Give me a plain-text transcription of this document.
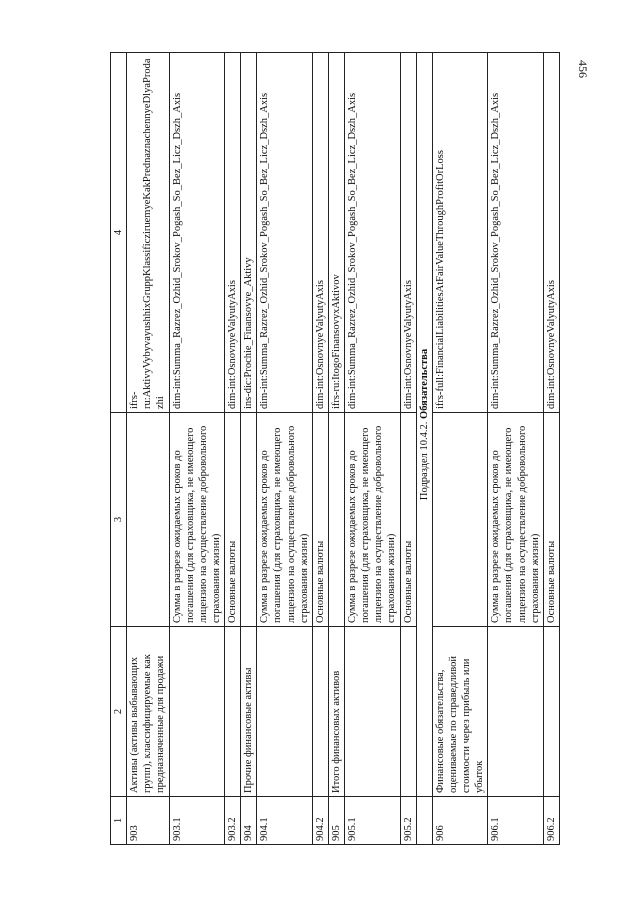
456
1	2	3	4
903	Активы (активы выбывающих групп), классифицируемые как предназначенные для продажи		ifrs-ru:AktivyVybyvayushhixGruppKlassificziruemyeKakPrednaznachennyeDlyaProdazhi
903.1		Сумма в разрезе ожидаемых сроков до погашения (для страховщика, не имеющего лицензию на осуществление добровольного страхования жизни)	dim-int:Summa_Razrez_Ozhid_Srokov_Pogash_So_Bez_Licz_Dszh_Axis
903.2		Основные валюты	dim-int:OsnovnyeValyutyAxis
904	Прочие финансовые активы		ins-dic:Prochie_Finansovye_Aktivy
904.1		Сумма в разрезе ожидаемых сроков до погашения (для страховщика, не имеющего лицензию на осуществление добровольного страхования жизни)	dim-int:Summa_Razrez_Ozhid_Srokov_Pogash_So_Bez_Licz_Dszh_Axis
904.2		Основные валюты	dim-int:OsnovnyeValyutyAxis
905	Итого финансовых активов		ifrs-ru:ItogoFinansovyxAktivov
905.1		Сумма в разрезе ожидаемых сроков до погашения (для страховщика, не имеющего лицензию на осуществление добровольного страхования жизни)	dim-int:Summa_Razrez_Ozhid_Srokov_Pogash_So_Bez_Licz_Dszh_Axis
905.2		Основные валюты	dim-int:OsnovnyeValyutyAxis
	Подраздел 10.4.2. Обязательства		
906	Финансовые обязательства, оцениваемые по справедливой стоимости через прибыль или убыток		ifrs-full:FinancialLiabilitiesAtFairValueThroughProfitOrLoss
906.1		Сумма в разрезе ожидаемых сроков до погашения (для страховщика, не имеющего лицензию на осуществление добровольного страхования жизни)	dim-int:Summa_Razrez_Ozhid_Srokov_Pogash_So_Bez_Licz_Dszh_Axis
906.2		Основные валюты	dim-int:OsnovnyeValyutyAxis
